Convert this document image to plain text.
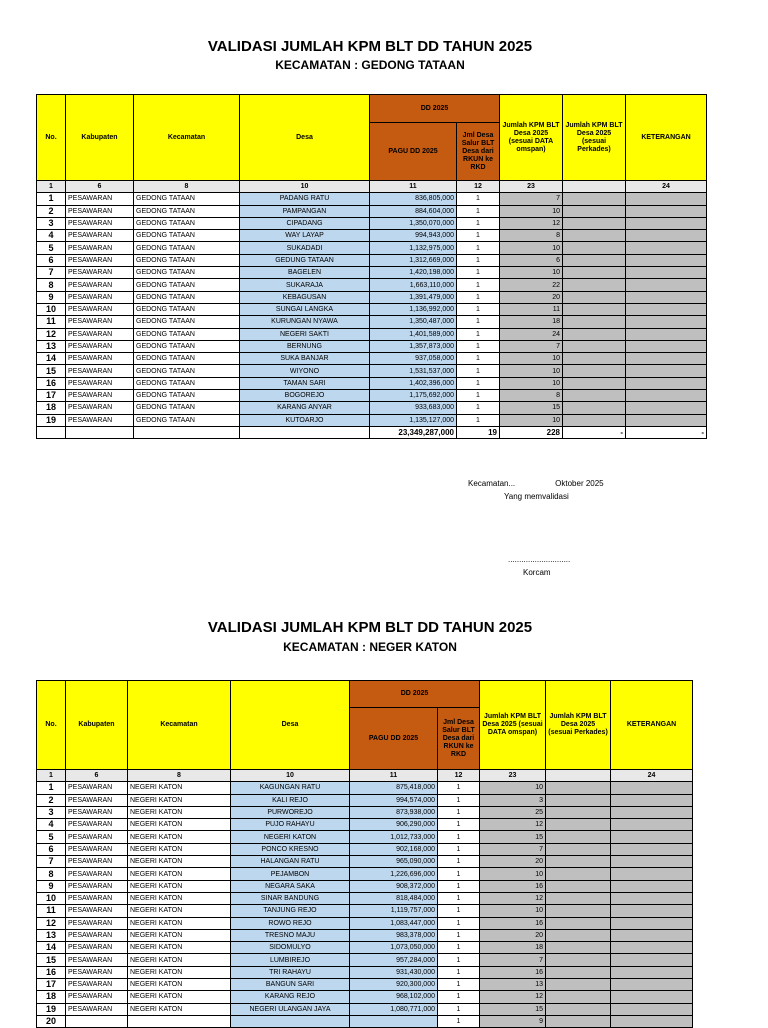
VALIDASI JUMLAH KPM BLT DD TAHUN 2025
KECAMATAN : GEDONG TATAAN
No.	Kabupaten	Kecamatan	Desa	DD 2025		Jumlah KPM BLT Desa 2025 (sesuai DATA omspan)	Jumlah KPM BLT Desa 2025 (sesuai Perkades)	KETERANGAN
				PAGU DD 2025	Jml Desa Salur BLT Desa dari RKUN ke RKD			
1	6	8	10	11	12	23		24
1	PESAWARAN	GEDONG TATAAN	PADANG RATU	836,805,000	1	7		
2	PESAWARAN	GEDONG TATAAN	PAMPANGAN	884,604,000	1	10		
3	PESAWARAN	GEDONG TATAAN	CIPADANG	1,350,070,000	1	12		
4	PESAWARAN	GEDONG TATAAN	WAY LAYAP	994,943,000	1	8		
5	PESAWARAN	GEDONG TATAAN	SUKADADI	1,132,975,000	1	10		
6	PESAWARAN	GEDONG TATAAN	GEDUNG TATAAN	1,312,669,000	1	6		
7	PESAWARAN	GEDONG TATAAN	BAGELEN	1,420,198,000	1	10		
8	PESAWARAN	GEDONG TATAAN	SUKARAJA	1,663,110,000	1	22		
9	PESAWARAN	GEDONG TATAAN	KEBAGUSAN	1,391,479,000	1	20		
10	PESAWARAN	GEDONG TATAAN	SUNGAI LANGKA	1,136,992,000	1	11		
11	PESAWARAN	GEDONG TATAAN	KURUNGAN NYAWA	1,350,487,000	1	18		
12	PESAWARAN	GEDONG TATAAN	NEGERI SAKTI	1,401,589,000	1	24		
13	PESAWARAN	GEDONG TATAAN	BERNUNG	1,357,873,000	1	7		
14	PESAWARAN	GEDONG TATAAN	SUKA BANJAR	937,058,000	1	10		
15	PESAWARAN	GEDONG TATAAN	WIYONO	1,531,537,000	1	10		
16	PESAWARAN	GEDONG TATAAN	TAMAN SARI	1,402,396,000	1	10		
17	PESAWARAN	GEDONG TATAAN	BOGOREJO	1,175,692,000	1	8		
18	PESAWARAN	GEDONG TATAAN	KARANG ANYAR	933,683,000	1	15		
19	PESAWARAN	GEDONG TATAAN	KUTOARJO	1,135,127,000	1	10		
				23,349,287,000	19	228	-	-
Kecamatan...                  Oktober 2025
Yang memvalidasi
............................
Korcam
VALIDASI JUMLAH KPM BLT DD TAHUN 2025
KECAMATAN : NEGER KATON
No.	Kabupaten	Kecamatan	Desa	DD 2025		Jumlah KPM BLT Desa 2025 (sesuai DATA omspan)	Jumlah KPM BLT Desa 2025 (sesuai Perkades)	KETERANGAN
				PAGU DD 2025	Jml Desa Salur BLT Desa dari RKUN ke RKD			
1	6	8	10	11	12	23		24
1	PESAWARAN	NEGERI KATON	KAGUNGAN RATU	875,418,000	1	10		
2	PESAWARAN	NEGERI KATON	KALI REJO	994,574,000	1	3		
3	PESAWARAN	NEGERI KATON	PURWOREJO	873,938,000	1	25		
4	PESAWARAN	NEGERI KATON	PUJO RAHAYU	906,290,000	1	12		
5	PESAWARAN	NEGERI KATON	NEGERI KATON	1,012,733,000	1	15		
6	PESAWARAN	NEGERI KATON	PONCO KRESNO	902,168,000	1	7		
7	PESAWARAN	NEGERI KATON	HALANGAN RATU	965,090,000	1	20		
8	PESAWARAN	NEGERI KATON	PEJAMBON	1,226,696,000	1	10		
9	PESAWARAN	NEGERI KATON	NEGARA SAKA	908,372,000	1	16		
10	PESAWARAN	NEGERI KATON	SINAR BANDUNG	818,484,000	1	12		
11	PESAWARAN	NEGERI KATON	TANJUNG REJO	1,119,757,000	1	10		
12	PESAWARAN	NEGERI KATON	ROWO REJO	1,083,447,000	1	16		
13	PESAWARAN	NEGERI KATON	TRESNO MAJU	983,378,000	1	20		
14	PESAWARAN	NEGERI KATON	SIDOMULYO	1,073,050,000	1	18		
15	PESAWARAN	NEGERI KATON	LUMBIREJO	957,284,000	1	7		
16	PESAWARAN	NEGERI KATON	TRI RAHAYU	931,430,000	1	16		
17	PESAWARAN	NEGERI KATON	BANGUN SARI	920,300,000	1	13		
18	PESAWARAN	NEGERI KATON	KARANG REJO	968,102,000	1	12		
19	PESAWARAN	NEGERI KATON	NEGERI ULANGAN JAYA	1,080,771,000	1	15		
20					1	9		
